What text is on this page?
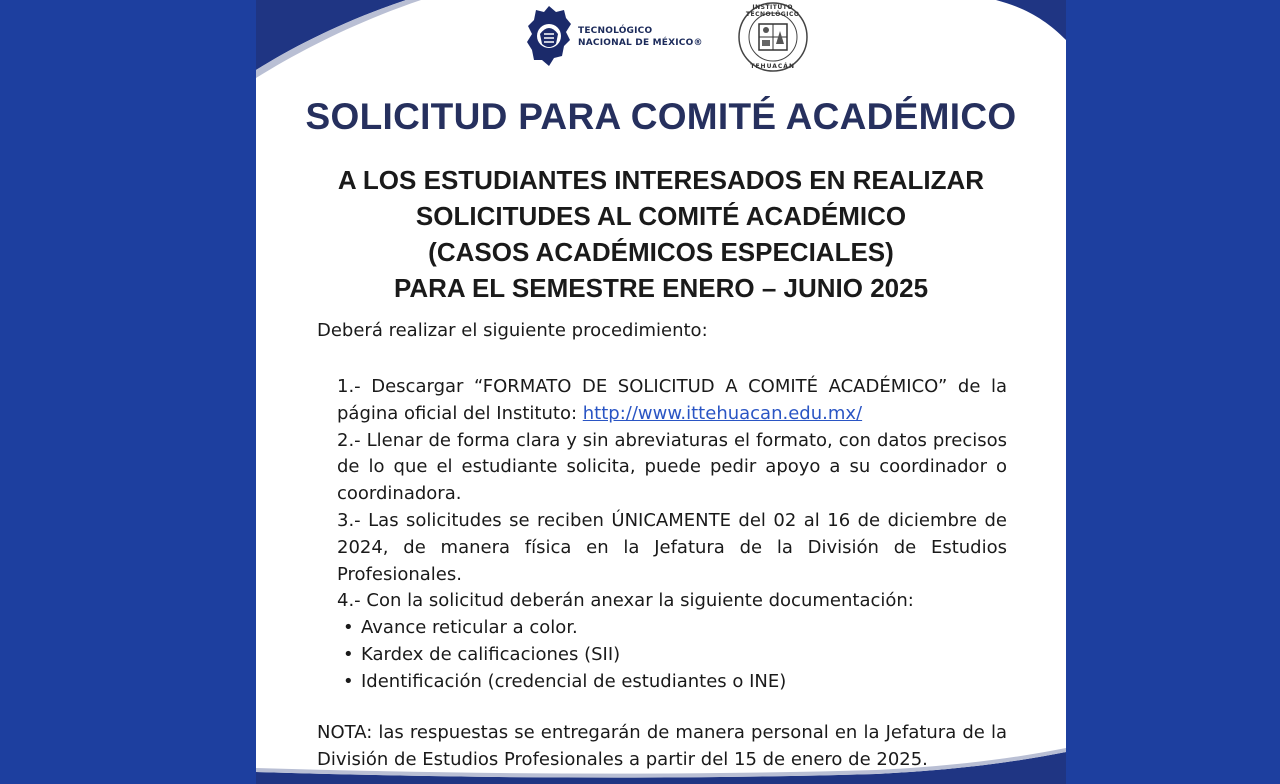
TECNOLÓGICO
NACIONAL DE MÉXICO®
INSTITUTO TECNOLÓGICO
TEHUACÁN
SOLICITUD PARA COMITÉ ACADÉMICO
A LOS ESTUDIANTES INTERESADOS EN REALIZAR
SOLICITUDES AL COMITÉ ACADÉMICO
(CASOS ACADÉMICOS ESPECIALES)
PARA EL SEMESTRE ENERO – JUNIO 2025
Deberá realizar el siguiente procedimiento:

1.- Descargar “FORMATO DE SOLICITUD A COMITÉ ACADÉMICO” de la página oficial del Instituto: http://www.ittehuacan.edu.mx/

2.- Llenar de forma clara y sin abreviaturas el formato, con datos precisos de lo que el estudiante solicita, puede pedir apoyo a su coordinador o coordinadora.

3.- Las solicitudes se reciben ÚNICAMENTE del 02 al 16 de diciembre de 2024, de manera física en la Jefatura de la División de Estudios Profesionales.

4.- Con la solicitud deberán anexar la siguiente documentación:

• Avance reticular a color.
• Kardex de calificaciones (SII)
• Identificación (credencial de estudiantes o INE)
NOTA: las respuestas se entregarán de manera personal en la Jefatura de la División de Estudios Profesionales a partir del 15 de enero de 2025.
